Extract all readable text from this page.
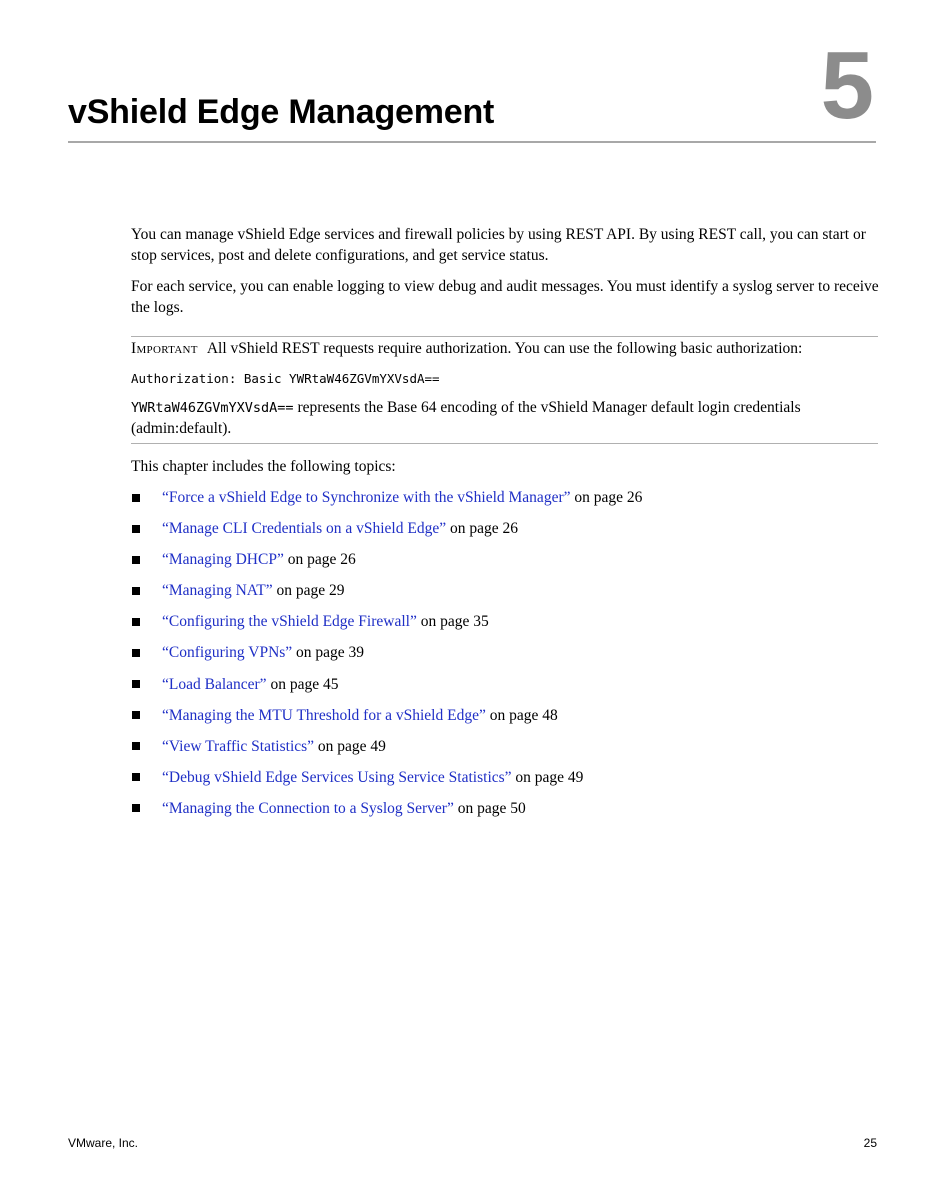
vShield Edge Management	5

You can manage vShield Edge services and firewall policies by using REST API. By using REST call, you can start or stop services, post and delete configurations, and get service status.

For each service, you can enable logging to view debug and audit messages. You must identify a syslog server to receive the logs.

Important All vShield REST requests require authorization. You can use the following basic authorization:

Authorization: Basic YWRtaW46ZGVmYXVsdA==

YWRtaW46ZGVmYXVsdA== represents the Base 64 encoding of the vShield Manager default login credentials (admin:default).

This chapter includes the following topics:

“Force a vShield Edge to Synchronize with the vShield Manager” on page 26
“Manage CLI Credentials on a vShield Edge” on page 26
“Managing DHCP” on page 26
“Managing NAT” on page 29
“Configuring the vShield Edge Firewall” on page 35
“Configuring VPNs” on page 39
“Load Balancer” on page 45
“Managing the MTU Threshold for a vShield Edge” on page 48
“View Traffic Statistics” on page 49
“Debug vShield Edge Services Using Service Statistics” on page 49
“Managing the Connection to a Syslog Server” on page 50
VMware, Inc.	25
